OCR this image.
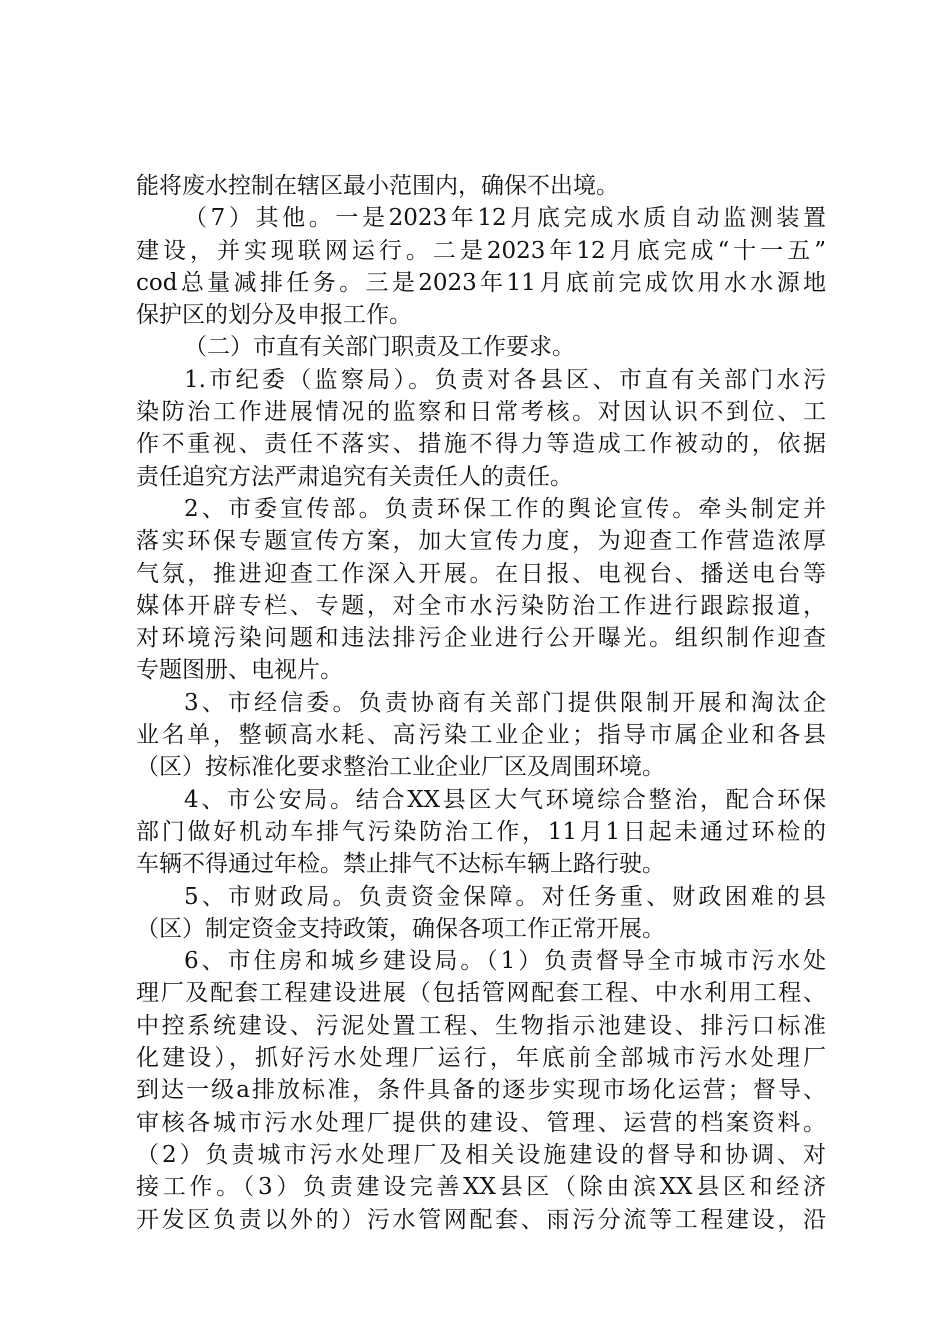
能将废水控制在辖区最小范围内，确保不出境。
（7）其他。一是2023年12月底完成水质自动监测装置
建设，并实现联网运行。二是2023年12月底完成“十一五”
cod总量减排任务。三是2023年11月底前完成饮用水水源地
保护区的划分及申报工作。
（二）市直有关部门职责及工作要求。
1.市纪委（监察局）。负责对各县区、市直有关部门水污
染防治工作进展情况的监察和日常考核。对因认识不到位、工
作不重视、责任不落实、措施不得力等造成工作被动的，依据
责任追究方法严肃追究有关责任人的责任。
2、市委宣传部。负责环保工作的舆论宣传。牵头制定并
落实环保专题宣传方案，加大宣传力度，为迎查工作营造浓厚
气氛，推进迎查工作深入开展。在日报、电视台、播送电台等
媒体开辟专栏、专题，对全市水污染防治工作进行跟踪报道，
对环境污染问题和违法排污企业进行公开曝光。组织制作迎查
专题图册、电视片。
3、市经信委。负责协商有关部门提供限制开展和淘汰企
业名单，整顿高水耗、高污染工业企业；指导市属企业和各县
（区）按标准化要求整治工业企业厂区及周围环境。
4、市公安局。结合XX县区大气环境综合整治，配合环保
部门做好机动车排气污染防治工作，11月1日起未通过环检的
车辆不得通过年检。禁止排气不达标车辆上路行驶。
5、市财政局。负责资金保障。对任务重、财政困难的县
（区）制定资金支持政策，确保各项工作正常开展。
6、市住房和城乡建设局。（1）负责督导全市城市污水处
理厂及配套工程建设进展（包括管网配套工程、中水利用工程、
中控系统建设、污泥处置工程、生物指示池建设、排污口标准
化建设），抓好污水处理厂运行，年底前全部城市污水处理厂
到达一级a排放标准，条件具备的逐步实现市场化运营；督导、
审核各城市污水处理厂提供的建设、管理、运营的档案资料。
（2）负责城市污水处理厂及相关设施建设的督导和协调、对
接工作。（3）负责建设完善XX县区（除由滨XX县区和经济
开发区负责以外的）污水管网配套、雨污分流等工程建设，沿
